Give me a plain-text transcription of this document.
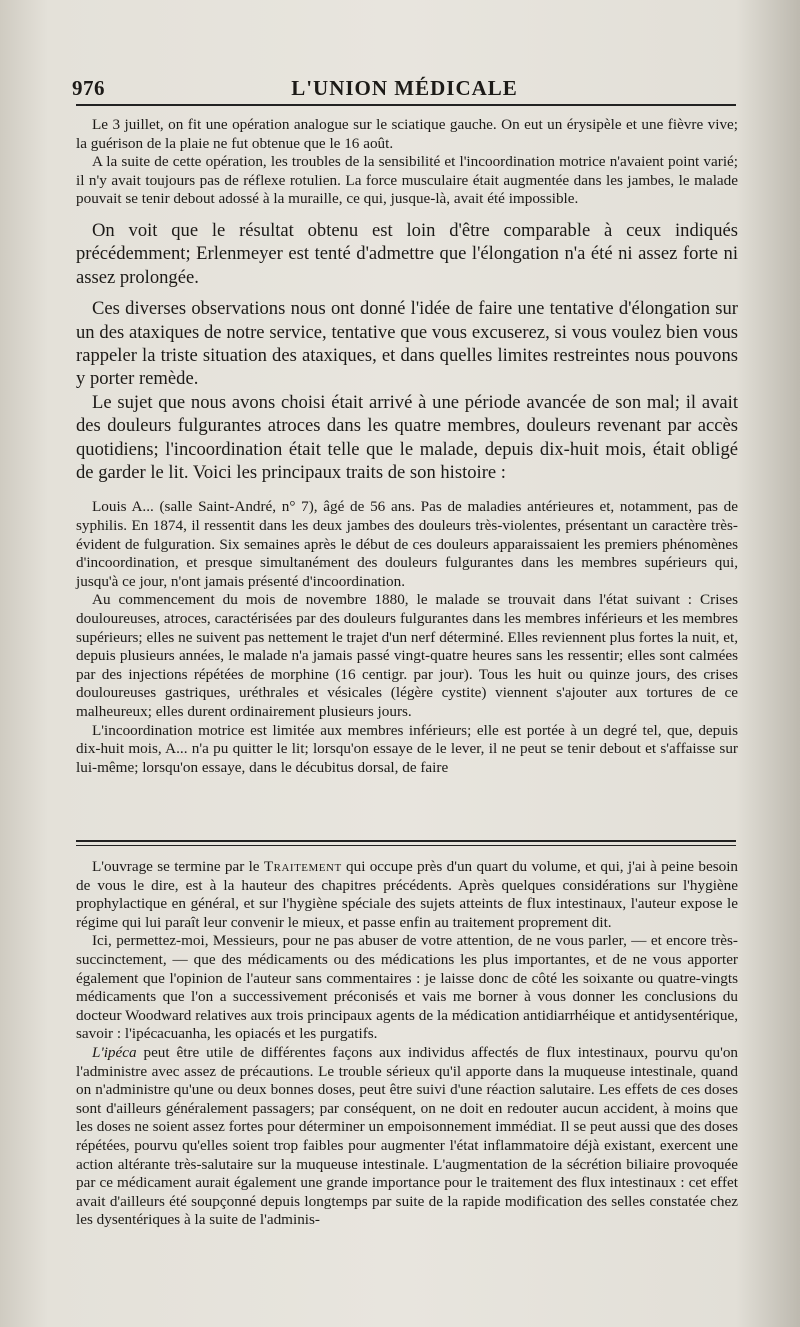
976	L'UNION MÉDICALE

Le 3 juillet, on fit une opération analogue sur le sciatique gauche. On eut un érysipèle et une fièvre vive; la guérison de la plaie ne fut obtenue que le 16 août.

A la suite de cette opération, les troubles de la sensibilité et l'incoordination motrice n'avaient point varié; il n'y avait toujours pas de réflexe rotulien. La force musculaire était augmentée dans les jambes, le malade pouvait se tenir debout adossé à la muraille, ce qui, jusque-là, avait été impossible.

On voit que le résultat obtenu est loin d'être comparable à ceux indiqués précédemment; Erlenmeyer est tenté d'admettre que l'élongation n'a été ni assez forte ni assez prolongée.

Ces diverses observations nous ont donné l'idée de faire une tentative d'élongation sur un des ataxiques de notre service, tentative que vous excuserez, si vous voulez bien vous rappeler la triste situation des ataxiques, et dans quelles limites restreintes nous pouvons y porter remède.

Le sujet que nous avons choisi était arrivé à une période avancée de son mal; il avait des douleurs fulgurantes atroces dans les quatre membres, douleurs revenant par accès quotidiens; l'incoordination était telle que le malade, depuis dix-huit mois, était obligé de garder le lit. Voici les principaux traits de son histoire :

Louis A... (salle Saint-André, n° 7), âgé de 56 ans. Pas de maladies antérieures et, notamment, pas de syphilis. En 1874, il ressentit dans les deux jambes des douleurs très-violentes, présentant un caractère très-évident de fulguration. Six semaines après le début de ces douleurs apparaissaient les premiers phénomènes d'incoordination, et presque simultanément des douleurs fulgurantes dans les membres supérieurs qui, jusqu'à ce jour, n'ont jamais présenté d'incoordination.

Au commencement du mois de novembre 1880, le malade se trouvait dans l'état suivant : Crises douloureuses, atroces, caractérisées par des douleurs fulgurantes dans les membres inférieurs et les membres supérieurs; elles ne suivent pas nettement le trajet d'un nerf déterminé. Elles reviennent plus fortes la nuit, et, depuis plusieurs années, le malade n'a jamais passé vingt-quatre heures sans les ressentir; elles sont calmées par des injections répétées de morphine (16 centigr. par jour). Tous les huit ou quinze jours, des crises douloureuses gastriques, uréthrales et vésicales (légère cystite) viennent s'ajouter aux tortures de ce malheureux; elles durent ordinairement plusieurs jours.

L'incoordination motrice est limitée aux membres inférieurs; elle est portée à un degré tel, que, depuis dix-huit mois, A... n'a pu quitter le lit; lorsqu'on essaye de le lever, il ne peut se tenir debout et s'affaisse sur lui-même; lorsqu'on essaye, dans le décubitus dorsal, de faire

L'ouvrage se termine par le Traitement qui occupe près d'un quart du volume, et qui, j'ai à peine besoin de vous le dire, est à la hauteur des chapitres précédents. Après quelques considérations sur l'hygiène prophylactique en général, et sur l'hygiène spéciale des sujets atteints de flux intestinaux, l'auteur expose le régime qui lui paraît leur convenir le mieux, et passe enfin au traitement proprement dit.

Ici, permettez-moi, Messieurs, pour ne pas abuser de votre attention, de ne vous parler, — et encore très-succinctement, — que des médicaments ou des médications les plus importantes, et de ne vous apporter également que l'opinion de l'auteur sans commentaires : je laisse donc de côté les soixante ou quatre-vingts médicaments que l'on a successivement préconisés et vais me borner à vous donner les conclusions du docteur Woodward relatives aux trois principaux agents de la médication antidiarrhéique et antidysentérique, savoir : l'ipécacuanha, les opiacés et les purgatifs.

L'ipéca peut être utile de différentes façons aux individus affectés de flux intestinaux, pourvu qu'on l'administre avec assez de précautions. Le trouble sérieux qu'il apporte dans la muqueuse intestinale, quand on n'administre qu'une ou deux bonnes doses, peut être suivi d'une réaction salutaire. Les effets de ces doses sont d'ailleurs généralement passagers; par conséquent, on ne doit en redouter aucun accident, à moins que les doses ne soient assez fortes pour déterminer un empoisonnement immédiat. Il se peut aussi que des doses répétées, pourvu qu'elles soient trop faibles pour augmenter l'état inflammatoire déjà existant, exercent une action altérante très-salutaire sur la muqueuse intestinale. L'augmentation de la sécrétion biliaire provoquée par ce médicament aurait également une grande importance pour le traitement des flux intestinaux : cet effet avait d'ailleurs été soupçonné depuis longtemps par suite de la rapide modification des selles constatée chez les dysentériques à la suite de l'adminis-
